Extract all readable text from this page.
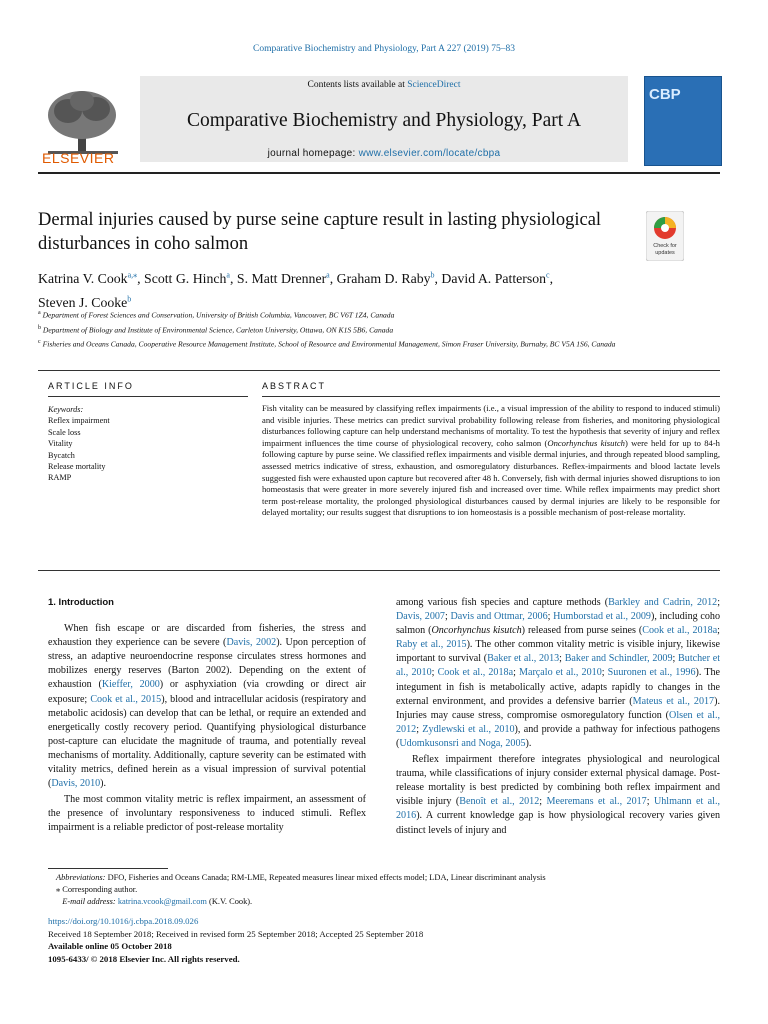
Comparative Biochemistry and Physiology, Part A 227 (2019) 75–83
ELSEVIER
Contents lists available at ScienceDirect
Comparative Biochemistry and Physiology, Part A
journal homepage: www.elsevier.com/locate/cbpa
CBP
Dermal injuries caused by purse seine capture result in lasting physiological
disturbances in coho salmon	Check for
updates
Katrina V. Cook$^{a,⁎}$, Scott G. Hinch$^a$, S. Matt Drenner$^a$, Graham D. Raby$^b$, David A. Patterson$^c$,
Steven J. Cooke$^b$
$^a$ Department of Forest Sciences and Conservation, University of British Columbia, Vancouver, BC V6T 1Z4, Canada
$^b$ Department of Biology and Institute of Environmental Science, Carleton University, Ottawa, ON K1S 5B6, Canada
$^c$ Fisheries and Oceans Canada, Cooperative Resource Management Institute, School of Resource and Environmental Management, Simon Fraser University, Burnaby, BC V5A 1S6, Canada
ARTICLE INFO	ABSTRACT
Keywords:
Reflex impairment
Scale loss
Vitality
Bycatch
Release mortality
RAMP
Fish vitality can be measured by classifying reflex impairments (i.e., a visual impression of the ability to respond to induced stimuli) and visible injuries. These metrics can predict survival probability following release from fisheries, and monitoring physiological disturbances following capture can help understand mechanisms of mortality. To test the hypothesis that severity of injury and reflex impairment influences the time course of physiological recovery, coho salmon (Oncorhynchus kisutch) were held for up to 84-h following capture by purse seine. We classified reflex impairments and visible dermal injuries, and through repeated blood sampling, assessed metrics indicative of stress, exhaustion, and osmoregulatory disturbances. Reflex-impairments and blood lactate levels suggested fish were exhausted upon capture but recovered after 48 h. Conversely, fish with dermal injuries showed disruptions to ion homeostasis that were greater in more severely injured fish and increased over time. While reflex impairments may predict short term post-release mortality, the prolonged physiological disturbances caused by dermal injuries are likely to be responsible for delayed mortality; our results suggest that disruptions to ion homeostasis is a possible mechanism of post-release mortality.
1. Introduction

When fish escape or are discarded from fisheries, the stress and exhaustion they experience can be severe (Davis, 2002). Upon perception of stress, an adaptive neuroendocrine response circulates stress hormones and mobilizes energy reserves (Barton 2002). Depending on the extent of exhaustion (Kieffer, 2000) or asphyxiation (via crowding or direct air exposure; Cook et al., 2015), blood and intracellular acidosis (respiratory and metabolic acidosis) can develop that can be lethal, or require an extended and energetically costly recovery period. Quantifying physiological disturbance post-capture can elucidate the magnitude of trauma, and potentially reveal mechanisms of mortality. Additionally, capture severity can be estimated with vitality metrics, defined herein as a visual impression of survival potential (Davis, 2010).

The most common vitality metric is reflex impairment, an assessment of the presence of involuntary responsiveness to induced stimuli. Reflex impairment is a reliable predictor of post-release mortality

among various fish species and capture methods (Barkley and Cadrin, 2012; Davis, 2007; Davis and Ottmar, 2006; Humborstad et al., 2009), including coho salmon (Oncorhynchus kisutch) released from purse seines (Cook et al., 2018a; Raby et al., 2015). The other common vitality metric is visible injury, likewise important to survival (Baker et al., 2013; Baker and Schindler, 2009; Butcher et al., 2010; Cook et al., 2018a; Marçalo et al., 2010; Suuronen et al., 1996). The integument in fish is metabolically active, adapts rapidly to changes in the external environment, and provides a defensive barrier (Mateus et al., 2017). Injuries may cause stress, compromise osmoregulatory function (Olsen et al., 2012; Zydlewski et al., 2010), and provide a pathway for infectious pathogens (Udomkusonsri and Noga, 2005).

Reflex impairment therefore integrates physiological and neurological trauma, while classifications of injury consider external physical damage. Post-release mortality is best predicted by combining both reflex impairment and visible injury (Benoît et al., 2012; Meeremans et al., 2017; Uhlmann et al., 2016). A current knowledge gap is how physiological recovery varies given distinct levels of injury and

Abbreviations: DFO, Fisheries and Oceans Canada; RM-LME, Repeated measures linear mixed effects model; LDA, Linear discriminant analysis
⁎ Corresponding author.
E-mail address: katrina.vcook@gmail.com (K.V. Cook).
https://doi.org/10.1016/j.cbpa.2018.09.026
Received 18 September 2018; Received in revised form 25 September 2018; Accepted 25 September 2018
Available online 05 October 2018
1095-6433/ © 2018 Elsevier Inc. All rights reserved.
